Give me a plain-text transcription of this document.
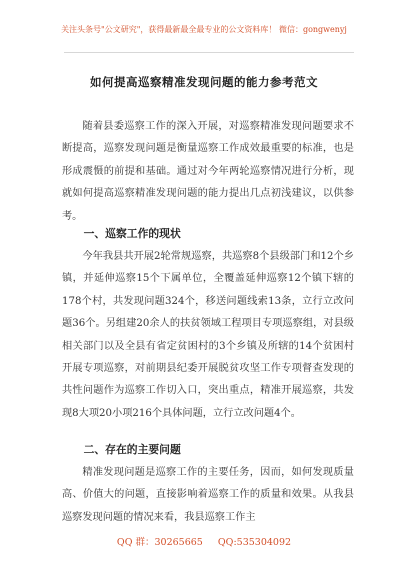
关注头条号"公文研究"，获得最新最全最专业的公文资料库！ 微信：gongwenyj
如何提高巡察精准发现问题的能力参考范文

随着县委巡察工作的深入开展，对巡察精准发现问题要求不断提高，巡察发现问题是衡量巡察工作成效最重要的标准，也是形成震慑的前提和基础。通过对今年两轮巡察情况进行分析，现就如何提高巡察精准发现问题的能力提出几点初浅建议，以供参考。

一、巡察工作的现状

今年我县共开展2轮常规巡察，共巡察8个县级部门和12个乡镇，并延伸巡察15个下属单位，全覆盖延伸巡察12个镇下辖的178个村，共发现问题324个，移送问题线索13条，立行立改问题36个。另组建20余人的扶贫领域工程项目专项巡察组，对县级相关部门以及全县有省定贫困村的3个乡镇及所辖的14个贫困村开展专项巡察，对前期县纪委开展脱贫攻坚工作专项督查发现的共性问题作为巡察工作切入口，突出重点，精准开展巡察，共发现8大项20小项216个具体问题，立行立改问题4个。

二、存在的主要问题

精准发现问题是巡察工作的主要任务，因而，如何发现质量高、价值大的问题，直接影响着巡察工作的质量和效果。从我县巡察发现问题的情况来看，我县巡察工作主

QQ 群：30265665 QQ:535304092
